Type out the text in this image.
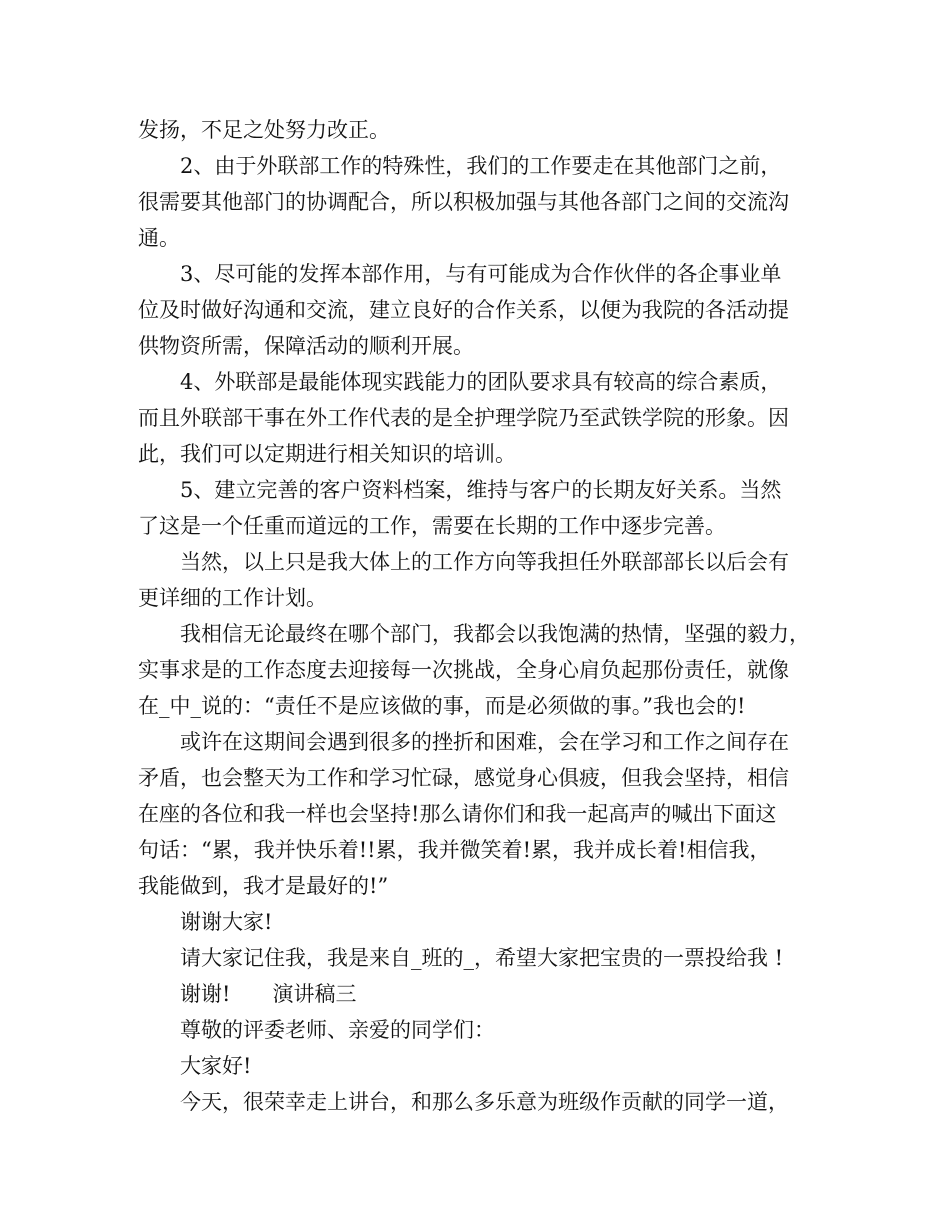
发扬，不足之处努力改正。
2、由于外联部工作的特殊性，我们的工作要走在其他部门之前，
很需要其他部门的协调配合，所以积极加强与其他各部门之间的交流沟
通。
3、尽可能的发挥本部作用，与有可能成为合作伙伴的各企事业单
位及时做好沟通和交流，建立良好的合作关系，以便为我院的各活动提
供物资所需，保障活动的顺利开展。
4、外联部是最能体现实践能力的团队要求具有较高的综合素质，
而且外联部干事在外工作代表的是全护理学院乃至武铁学院的形象。因
此，我们可以定期进行相关知识的培训。
5、建立完善的客户资料档案，维持与客户的长期友好关系。当然
了这是一个任重而道远的工作，需要在长期的工作中逐步完善。
当然，以上只是我大体上的工作方向等我担任外联部部长以后会有
更详细的工作计划。
我相信无论最终在哪个部门，我都会以我饱满的热情，坚强的毅力，
实事求是的工作态度去迎接每一次挑战，全身心肩负起那份责任，就像
在_中_说的：“责任不是应该做的事，而是必须做的事。”我也会的!
或许在这期间会遇到很多的挫折和困难，会在学习和工作之间存在
矛盾，也会整天为工作和学习忙碌，感觉身心俱疲，但我会坚持，相信
在座的各位和我一样也会坚持!那么请你们和我一起高声的喊出下面这
句话：“累，我并快乐着!!累，我并微笑着!累，我并成长着!相信我，
我能做到，我才是最好的!”
谢谢大家!
请大家记住我，我是来自_班的_，希望大家把宝贵的一票投给我 !
谢谢!　　演讲稿三
尊敬的评委老师、亲爱的同学们：
大家好!
今天，很荣幸走上讲台，和那么多乐意为班级作贡献的同学一道，
